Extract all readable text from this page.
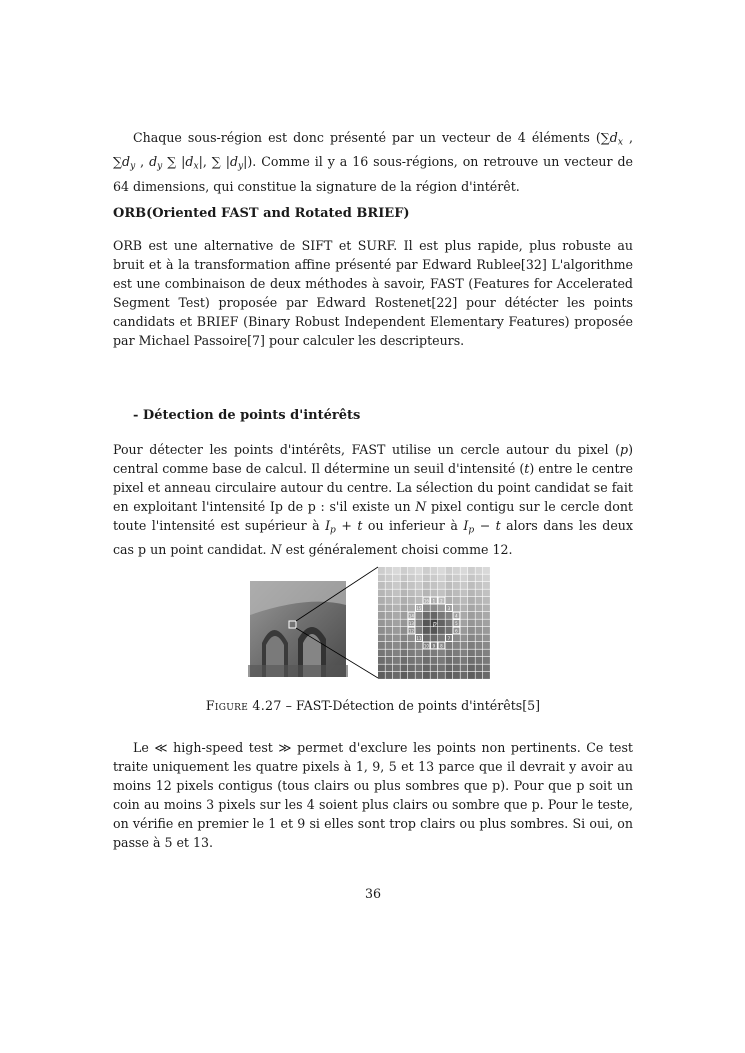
Chaque sous-région est donc présenté par un vecteur de 4 éléments ($\sum d_x$ , $\sum d_y$ , $d_y$ ∑ $|d_x|$, ∑ $|d_y|$). Comme il y a 16 sous-régions, on retrouve un vecteur de 64 dimensions, qui constitue la signature de la région d'intérêt.

ORB(Oriented FAST and Rotated BRIEF)

ORB est une alternative de SIFT et SURF. Il est plus rapide, plus robuste au bruit et à la transformation affine présenté par Edward Rublee[32] L'algorithme est une combinaison de deux méthodes à savoir, FAST (Features for Accelerated Segment Test) proposée par Edward Rostenet[22] pour détécter les points candidats et BRIEF (Binary Robust Independent Elementary Features) proposée par Michael Passoire[7] pour calculer les descripteurs.

- Détection de points d'intérêts

Pour détecter les points d'intérêts, FAST utilise un cercle autour du pixel (p) central comme base de calcul. Il détermine un seuil d'intensité (t) entre le centre pixel et anneau circulaire autour du centre. La sélection du point candidat se fait en exploitant l'intensité Ip de p : s'il existe un N pixel contigu sur le cercle dont toute l'intensité est supérieur à $I_p + t$ ou inferieur à $I_p - t$ alors dans les deux cas p un point candidat. N est généralement choisi comme 12.

16 1 2
3
4
5
6
7
8
9
10
11
12
13
14
15
p
Figure 4.27 – FAST-Détection de points d'intérêts[5]

Le ≪ high-speed test ≫ permet d'exclure les points non pertinents. Ce test traite uniquement les quatre pixels à 1, 9, 5 et 13 parce que il devrait y avoir au moins 12 pixels contigus (tous clairs ou plus sombres que p). Pour que p soit un coin au moins 3 pixels sur les 4 soient plus clairs ou sombre que p. Pour le teste, on vérifie en premier le 1 et 9 si elles sont trop clairs ou plus sombres. Si oui, on passe à 5 et 13.

36
